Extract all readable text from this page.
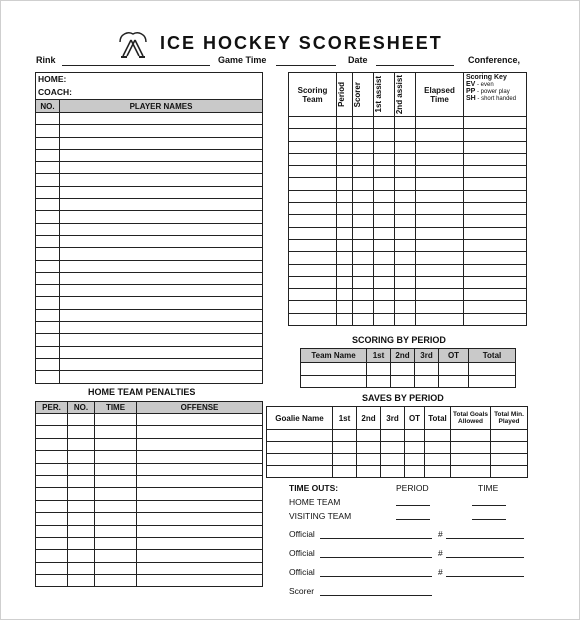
ICE HOCKEY SCORESHEET
Rink	Game Time	Date	Conference,
HOME:
COACH:
NO.	PLAYER NAMES

Scoring Team	Period	Scorer	1st assist	2nd assist	Elapsed Time	Scoring Key
EV - even
PP - power play
SH - short handed

SCORING BY PERIOD
Team Name	1st	2nd	3rd	OT	Total

SAVES BY PERIOD
Goalie Name	1st	2nd	3rd	OT	Total	Total Goals Allowed	Total Min. Played

HOME TEAM PENALTIES
PER.	NO.	TIME	OFFENSE

TIME OUTS:	PERIOD	TIME
HOME TEAM
VISITING TEAM
Official	#
Official	#
Official	#
Scorer
